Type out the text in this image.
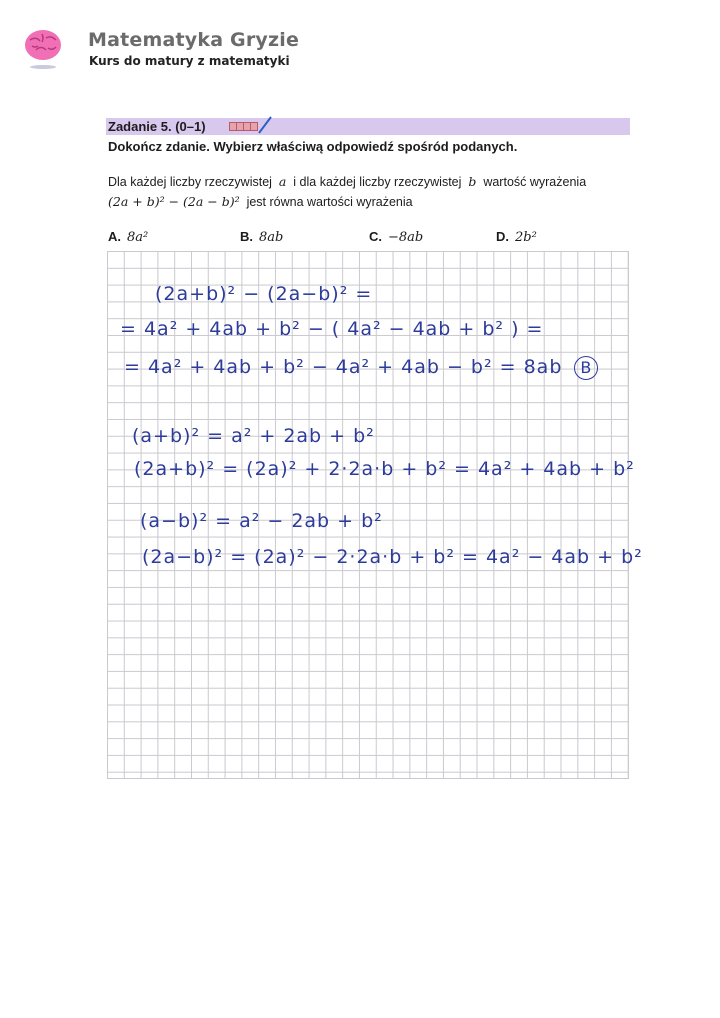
Matematyka Gryzie
Kurs do matury z matematyki
Zadanie 5. (0–1)
Dokończ zdanie. Wybierz właściwą odpowiedź spośród podanych.
Dla każdej liczby rzeczywistej a i dla każdej liczby rzeczywistej b wartość wyrażenia
(2a + b)² − (2a − b)² jest równa wartości wyrażenia
A. 8a²	B. 8ab	C. −8ab	D. 2b²
(2a+b)² − (2a−b)² =
= 4a² + 4ab + b² − ( 4a² − 4ab + b² ) =
= 4a² + 4ab + b² − 4a² + 4ab − b² = 8ab B
(a+b)² = a² + 2ab + b²
(2a+b)² = (2a)² + 2·2a·b + b² = 4a² + 4ab + b²
(a−b)² = a² − 2ab + b²
(2a−b)² = (2a)² − 2·2a·b + b² = 4a² − 4ab + b²
